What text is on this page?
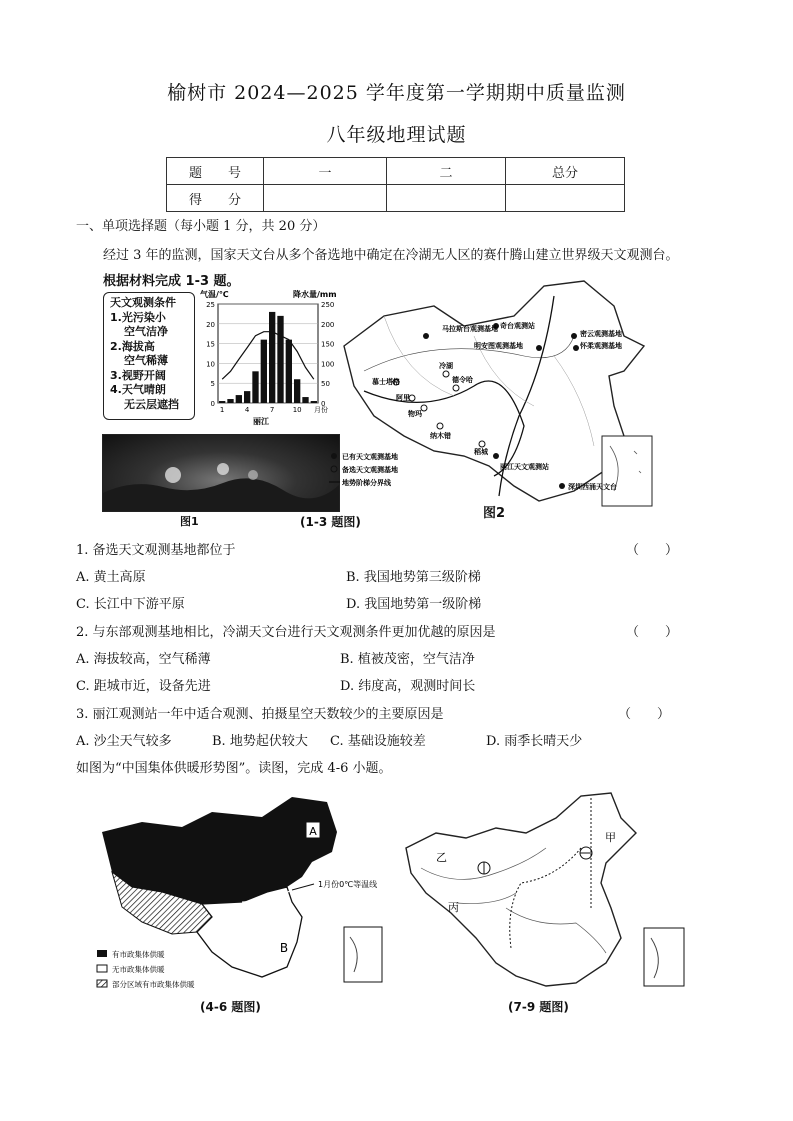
榆树市 2024—2025 学年度第一学期期中质量监测
八年级地理试题
题　　号	一	二	总分
得　　分			
一、单项选择题（每小题 1 分，共 20 分）
经过 3 年的监测，国家天文台从多个备选地中确定在冷湖无人区的赛什腾山建立世界级天文观测台。
根据材料完成 1-3 题。
天文观测条件
1.光污染小
空气洁净
2.海拔高
空气稀薄
3.视野开阔
4.天气晴朗
无云层遮挡
气温/℃	降水量/mm
25	250
20	200
15	150
10	100
5	50
0	0
1	4	7	10 月份
丽江
图1	(1-3 题图)
奇台观测站
马拉斯台观测基地
明安图观测基地
密云观测基地
怀柔观测基地
慕士塔格
冷湖
德令哈
阿里
物玛
纳木错
稻城
丽江天文观测站
深圳西涌天文台
已有天文观测基地
备选天文观测基地
地势阶梯分界线
图2
1. 备选天文观测基地都位于	（　　）
A. 黄土高原	B. 我国地势第三级阶梯
C. 长江中下游平原	D. 我国地势第一级阶梯
2. 与东部观测基地相比，冷湖天文台进行天文观测条件更加优越的原因是	（　　）
A. 海拔较高，空气稀薄	B. 植被茂密，空气洁净
C. 距城市近，设备先进	D. 纬度高，观测时间长
3. 丽江观测站一年中适合观测、拍摄星空天数较少的主要原因是	（　　）
A. 沙尘天气较多	B. 地势起伏较大 C. 基础设施较差	D. 雨季长晴天少
如图为“中国集体供暖形势图”。读图，完成 4-6 小题。
A
B
1月份0℃等温线
有市政集体供暖
无市政集体供暖
部分区域有市政集体供暖
(4-6 题图)
甲
乙
丙
(7-9 题图)
